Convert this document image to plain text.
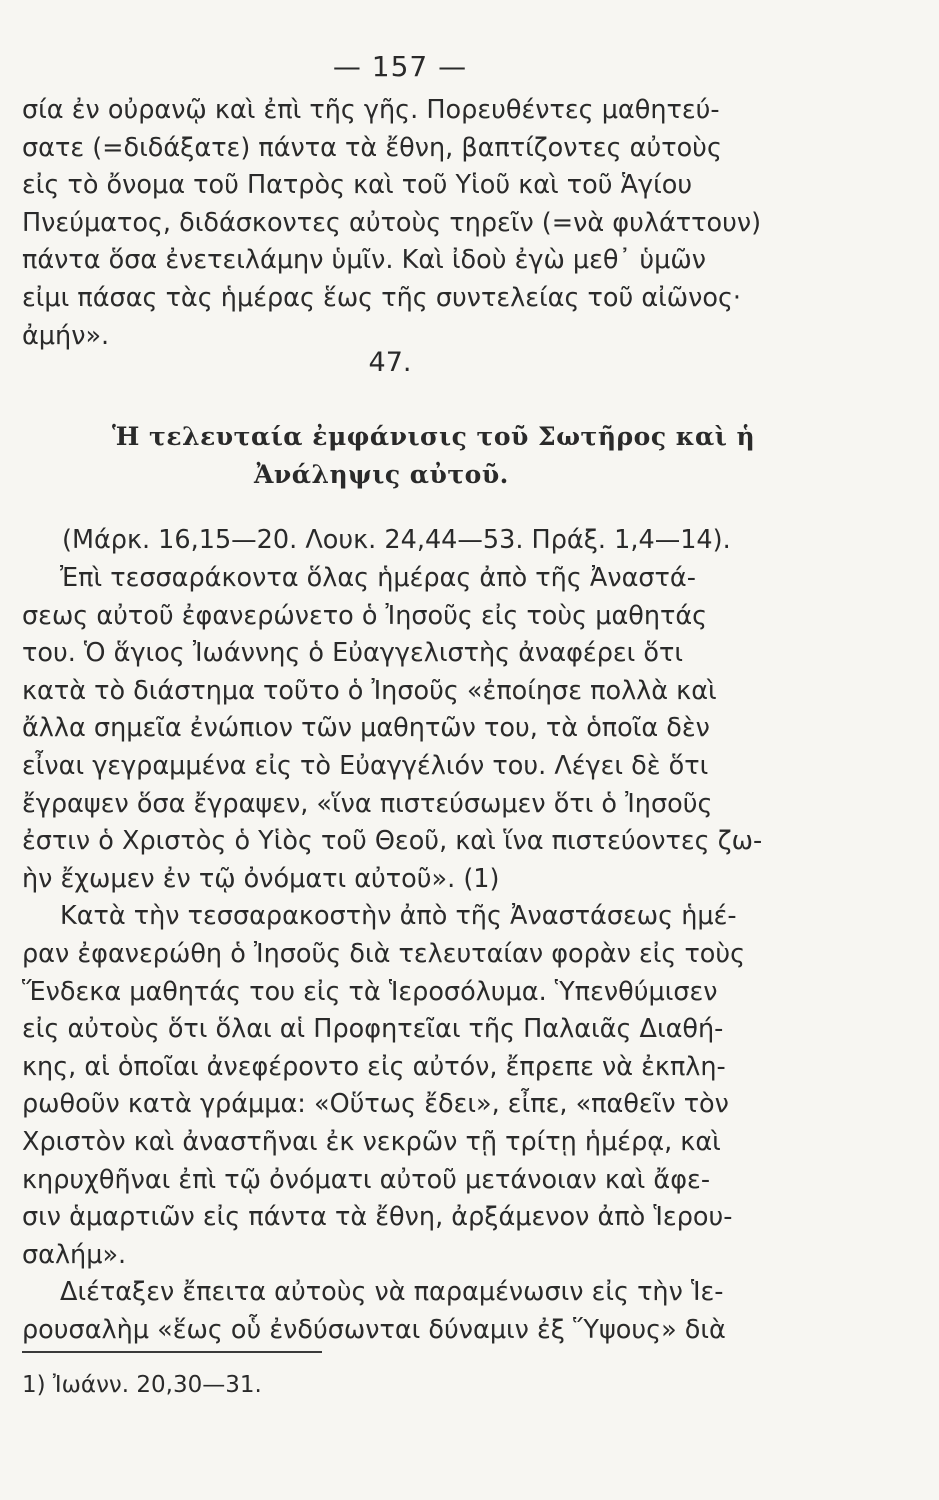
— 157 —
σία ἐν οὐρανῷ καὶ ἐπὶ τῆς γῆς. Πορευθέντες μαθητεύ-
σατε (=διδάξατε) πάντα τὰ ἔθνη, βαπτίζοντες αὐτοὺς
εἰς τὸ ὄνομα τοῦ Πατρὸς καὶ τοῦ Υἱοῦ καὶ τοῦ Ἁγίου
Πνεύματος, διδάσκοντες αὐτοὺς τηρεῖν (=νὰ φυλάττουν)
πάντα ὅσα ἐνετειλάμην ὑμῖν. Καὶ ἰδοὺ ἐγὼ μεθ᾽ ὑμῶν
εἰμι πάσας τὰς ἡμέρας ἕως τῆς συντελείας τοῦ αἰῶνος·
ἀμήν».
47.
Ἡ τελευταία ἐμφάνισις τοῦ Σωτῆρος καὶ ἡ
Ἀνάληψις αὐτοῦ.
(Μάρκ. 16,15—20. Λουκ. 24,44—53. Πράξ. 1,4—14).
Ἐπὶ τεσσαράκοντα ὅλας ἡμέρας ἀπὸ τῆς Ἀναστά-
σεως αὐτοῦ ἐφανερώνετο ὁ Ἰησοῦς εἰς τοὺς μαθητάς
του. Ὁ ἅγιος Ἰωάννης ὁ Εὐαγγελιστὴς ἀναφέρει ὅτι
κατὰ τὸ διάστημα τοῦτο ὁ Ἰησοῦς «ἐποίησε πολλὰ καὶ
ἄλλα σημεῖα ἐνώπιον τῶν μαθητῶν του, τὰ ὁποῖα δὲν
εἶναι γεγραμμένα εἰς τὸ Εὐαγγέλιόν του. Λέγει δὲ ὅτι
ἔγραψεν ὅσα ἔγραψεν, «ἵνα πιστεύσωμεν ὅτι ὁ Ἰησοῦς
ἐστιν ὁ Χριστὸς ὁ Υἱὸς τοῦ Θεοῦ, καὶ ἵνα πιστεύοντες ζω-
ὴν ἔχωμεν ἐν τῷ ὀνόματι αὐτοῦ». (1)
Κατὰ τὴν τεσσαρακοστὴν ἀπὸ τῆς Ἀναστάσεως ἡμέ-
ραν ἐφανερώθη ὁ Ἰησοῦς διὰ τελευταίαν φορὰν εἰς τοὺς
Ἕνδεκα μαθητάς του εἰς τὰ Ἱεροσόλυμα. Ὑπενθύμισεν
εἰς αὐτοὺς ὅτι ὅλαι αἱ Προφητεῖαι τῆς Παλαιᾶς Διαθή-
κης, αἱ ὁποῖαι ἀνεφέροντο εἰς αὐτόν, ἔπρεπε νὰ ἐκπλη-
ρωθοῦν κατὰ γράμμα: «Οὕτως ἔδει», εἶπε, «παθεῖν τὸν
Χριστὸν καὶ ἀναστῆναι ἐκ νεκρῶν τῇ τρίτῃ ἡμέρᾳ, καὶ
κηρυχθῆναι ἐπὶ τῷ ὀνόματι αὐτοῦ μετάνοιαν καὶ ἄφε-
σιν ἁμαρτιῶν εἰς πάντα τὰ ἔθνη, ἀρξάμενον ἀπὸ Ἱερου-
σαλήμ».
Διέταξεν ἔπειτα αὐτοὺς νὰ παραμένωσιν εἰς τὴν Ἱε-
ρουσαλὴμ «ἕως οὗ ἐνδύσωνται δύναμιν ἐξ Ὕψους» διὰ
1) Ἰωάνν. 20,30—31.
